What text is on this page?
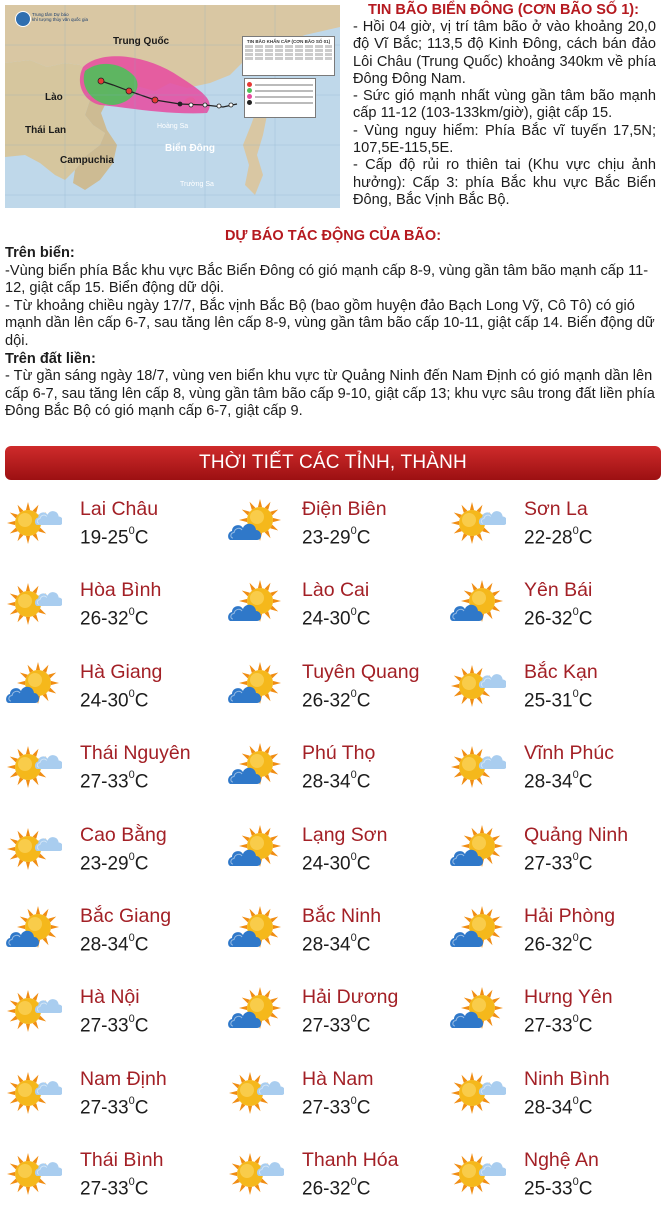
Trung tâm Dự báo
khí tượng thủy văn quốc gia
Trung Quốc
Lào
Thái Lan
Campuchia
Biển Đông
Hoàng Sa
Trường Sa
TIN BÃO KHẨN CẤP (CƠN BÃO SỐ 01)
TIN BÃO BIỂN ĐÔNG (CƠN BÃO SỐ 1):

- Hồi 04 giờ, vị trí tâm bão ở vào khoảng 20,0 độ Vĩ Bắc; 113,5 độ Kinh Đông, cách bán đảo Lôi Châu (Trung Quốc) khoảng 340km về phía Đông Đông Nam.

- Sức gió mạnh nhất vùng gần tâm bão mạnh cấp 11-12 (103-133km/giờ), giật cấp 15.

- Vùng nguy hiểm: Phía Bắc vĩ tuyến 17,5N; 107,5E-115,5E.

- Cấp độ rủi ro thiên tai (Khu vực chịu ảnh hưởng): Cấp 3: phía Bắc khu vực Bắc Biển Đông, Bắc Vịnh Bắc Bộ.

DỰ BÁO TÁC ĐỘNG CỦA BÃO:

Trên biển:

-Vùng biển phía Bắc khu vực Bắc Biển Đông có gió mạnh cấp 8-9, vùng gần tâm bão mạnh cấp 11-12, giật cấp 15. Biển động dữ dội.

- Từ khoảng chiều ngày 17/7, Bắc vịnh Bắc Bộ (bao gồm huyện đảo Bạch Long Vỹ, Cô Tô) có gió mạnh dần lên cấp 6-7, sau tăng lên cấp 8-9, vùng gần tâm bão cấp 10-11, giật cấp 14. Biển động dữ dội.

Trên đất liền:

- Từ gần sáng ngày 18/7, vùng ven biển khu vực từ Quảng Ninh đến Nam Định có gió mạnh dần lên cấp 6-7, sau tăng lên cấp 8, vùng gần tâm bão cấp 9-10, giật cấp 13; khu vực sâu trong đất liền phía Đông Bắc Bộ có gió mạnh cấp 6-7, giật cấp 9.

THỜI TIẾT CÁC TỈNH, THÀNH
Lai Châu
$19-25^0C$
Điện Biên
$23-29^0C$
Sơn La
$22-28^0C$
Hòa Bình
$26-32^0C$
Lào Cai
$24-30^0C$
Yên Bái
$26-32^0C$
Hà Giang
$24-30^0C$
Tuyên Quang
$26-32^0C$
Bắc Kạn
$25-31^0C$
Thái Nguyên
$27-33^0C$
Phú Thọ
$28-34^0C$
Vĩnh Phúc
$28-34^0C$
Cao Bằng
$23-29^0C$
Lạng Sơn
$24-30^0C$
Quảng Ninh
$27-33^0C$
Bắc Giang
$28-34^0C$
Bắc Ninh
$28-34^0C$
Hải Phòng
$26-32^0C$
Hà Nội
$27-33^0C$
Hải Dương
$27-33^0C$
Hưng Yên
$27-33^0C$
Nam Định
$27-33^0C$
Hà Nam
$27-33^0C$
Ninh Bình
$28-34^0C$
Thái Bình
$27-33^0C$
Thanh Hóa
$26-32^0C$
Nghệ An
$25-33^0C$
